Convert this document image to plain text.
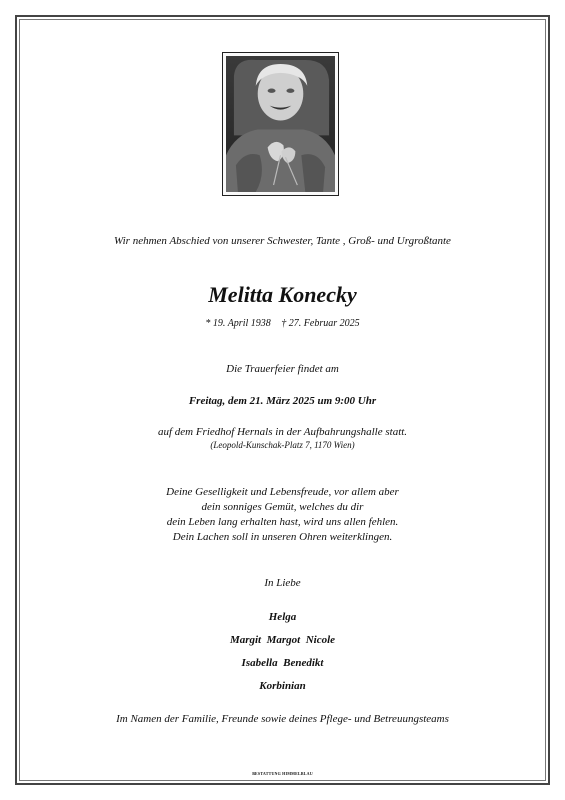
Wir nehmen Abschied von unserer Schwester, Tante , Groß- und Urgroßtante
Melitta Konecky
* 19. April 1938 † 27. Februar 2025
Die Trauerfeier findet am
Freitag, dem 21. März 2025 um 9:00 Uhr
auf dem Friedhof Hernals in der Aufbahrungshalle statt.
(Leopold-Kunschak-Platz 7, 1170 Wien)
Deine Geselligkeit und Lebensfreude, vor allem aber
dein sonniges Gemüt, welches du dir
dein Leben lang erhalten hast, wird uns allen fehlen.
Dein Lachen soll in unseren Ohren weiterklingen.
In Liebe
Helga
Margit  Margot  Nicole
Isabella  Benedikt
Korbinian
Im Namen der Familie, Freunde sowie deines Pflege- und Betreuungsteams
BESTATTUNG HIMMELBLAU
